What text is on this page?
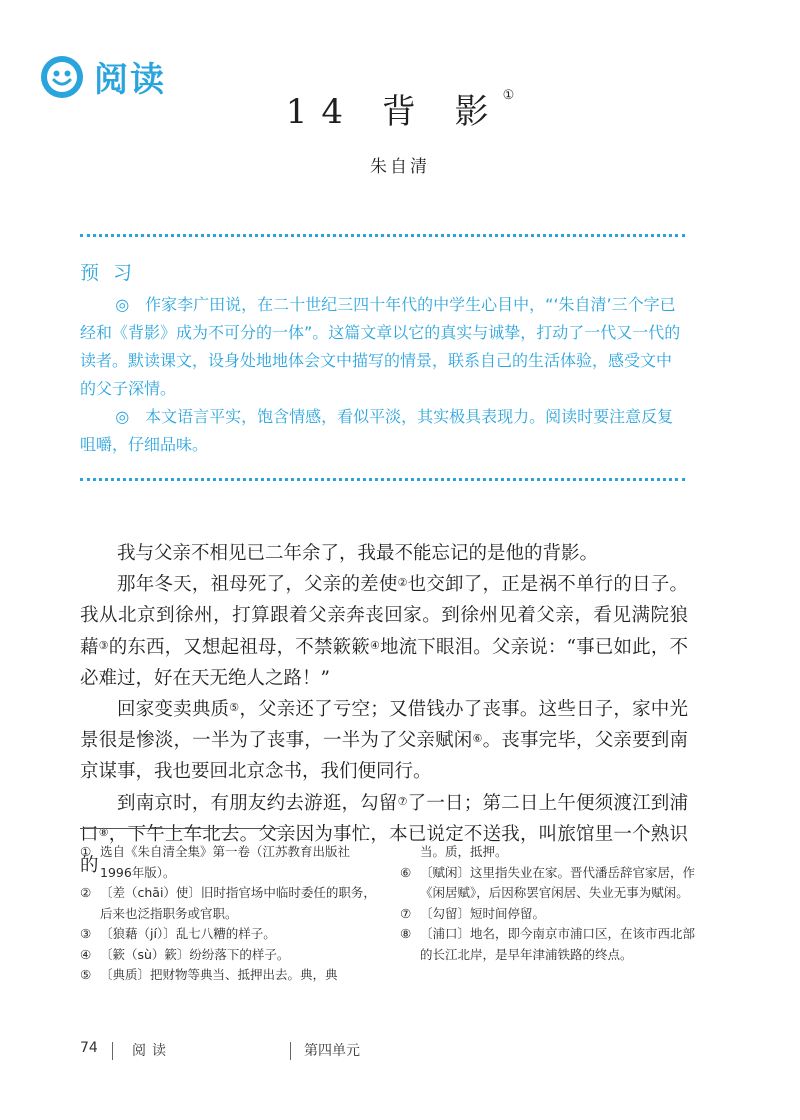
阅读
14 背 影①
朱自清
预 习

◎　作家李广田说，在二十世纪三四十年代的中学生心目中，“‘朱自清’三个字已经和《背影》成为不可分的一体”。这篇文章以它的真实与诚挚，打动了一代又一代的读者。默读课文，设身处地地体会文中描写的情景，联系自己的生活体验，感受文中的父子深情。

◎　本文语言平实，饱含情感，看似平淡，其实极具表现力。阅读时要注意反复咀嚼，仔细品味。

我与父亲不相见已二年余了，我最不能忘记的是他的背影。

那年冬天，祖母死了，父亲的差使②也交卸了，正是祸不单行的日子。我从北京到徐州，打算跟着父亲奔丧回家。到徐州见着父亲，看见满院狼藉③的东西，又想起祖母，不禁簌簌④地流下眼泪。父亲说：“事已如此，不必难过，好在天无绝人之路！”

回家变卖典质⑤，父亲还了亏空；又借钱办了丧事。这些日子，家中光景很是惨淡，一半为了丧事，一半为了父亲赋闲⑥。丧事完毕，父亲要到南京谋事，我也要回北京念书，我们便同行。

到南京时，有朋友约去游逛，勾留⑦了一日；第二日上午便须渡江到浦口⑧，下午上车北去。父亲因为事忙，本已说定不送我，叫旅馆里一个熟识的

① 选自《朱自清全集》第一卷（江苏教育出版社1996年版）。
② 〔差（chāi）使〕旧时指官场中临时委任的职务，后来也泛指职务或官职。
③ 〔狼藉（jí）〕乱七八糟的样子。
④ 〔簌（sù）簌〕纷纷落下的样子。
⑤ 〔典质〕把财物等典当、抵押出去。典，典
当。质，抵押。
⑥ 〔赋闲〕这里指失业在家。晋代潘岳辞官家居，作《闲居赋》，后因称罢官闲居、失业无事为赋闲。
⑦ 〔勾留〕短时间停留。
⑧ 〔浦口〕地名，即今南京市浦口区，在该市西北部的长江北岸，是早年津浦铁路的终点。
74 阅读	第四单元
